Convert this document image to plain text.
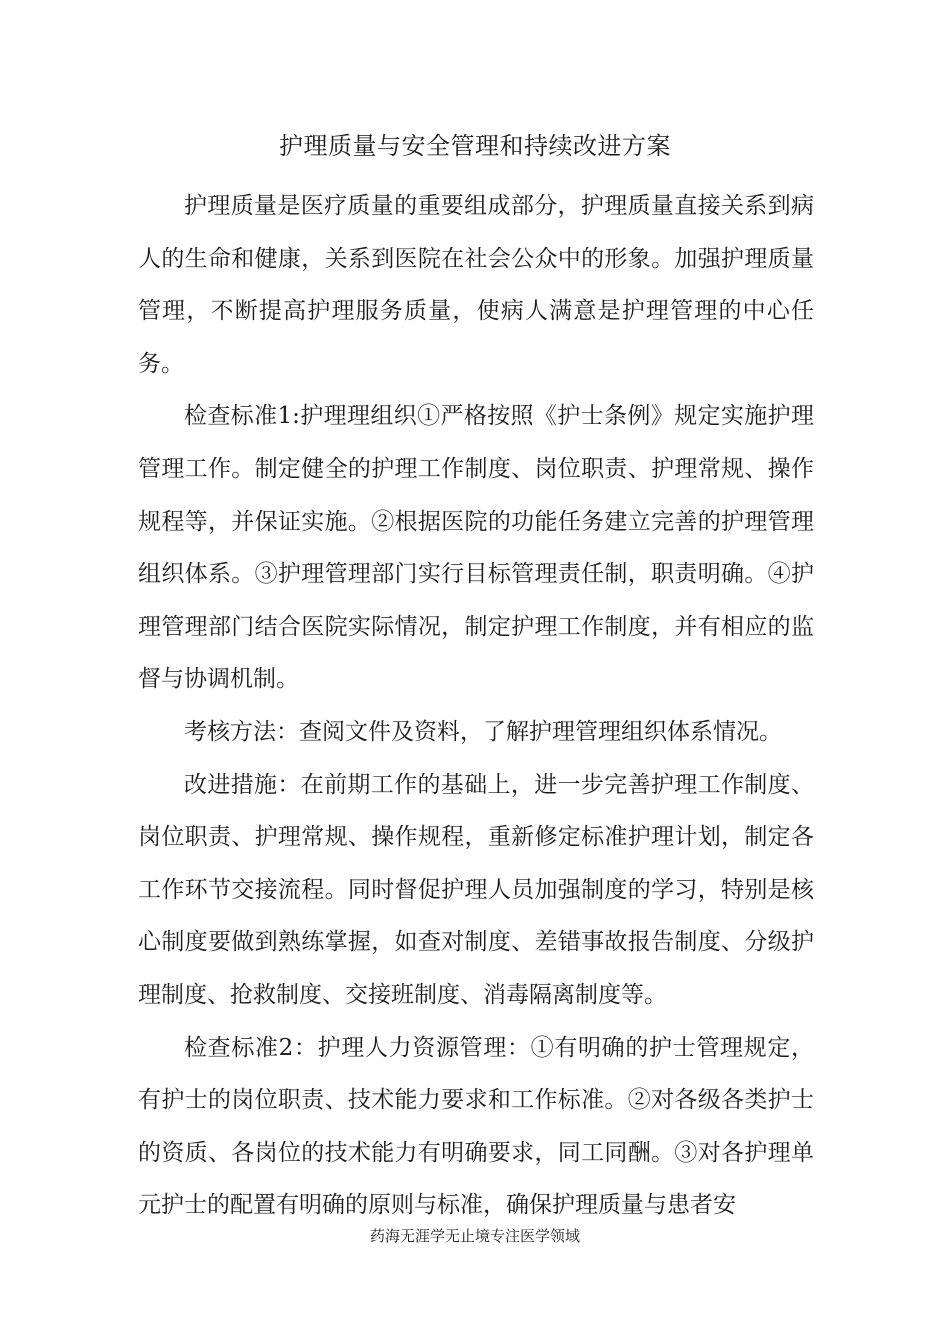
护理质量与安全管理和持续改进方案

护理质量是医疗质量的重要组成部分，护理质量直接关系到病人的生命和健康，关系到医院在社会公众中的形象。加强护理质量管理，不断提高护理服务质量，使病人满意是护理管理的中心任务。

检查标准1:护理理组织①严格按照《护士条例》规定实施护理管理工作。制定健全的护理工作制度、岗位职责、护理常规、操作规程等，并保证实施。②根据医院的功能任务建立完善的护理管理组织体系。③护理管理部门实行目标管理责任制，职责明确。④护理管理部门结合医院实际情况，制定护理工作制度，并有相应的监督与协调机制。

考核方法：查阅文件及资料，了解护理管理组织体系情况。

改进措施：在前期工作的基础上，进一步完善护理工作制度、岗位职责、护理常规、操作规程，重新修定标准护理计划，制定各工作环节交接流程。同时督促护理人员加强制度的学习，特别是核心制度要做到熟练掌握，如查对制度、差错事故报告制度、分级护理制度、抢救制度、交接班制度、消毒隔离制度等。

检查标准2：护理人力资源管理：①有明确的护士管理规定，有护士的岗位职责、技术能力要求和工作标准。②对各级各类护士的资质、各岗位的技术能力有明确要求，同工同酬。③对各护理单元护士的配置有明确的原则与标准，确保护理质量与患者安

药海无涯学无止境专注医学领域
